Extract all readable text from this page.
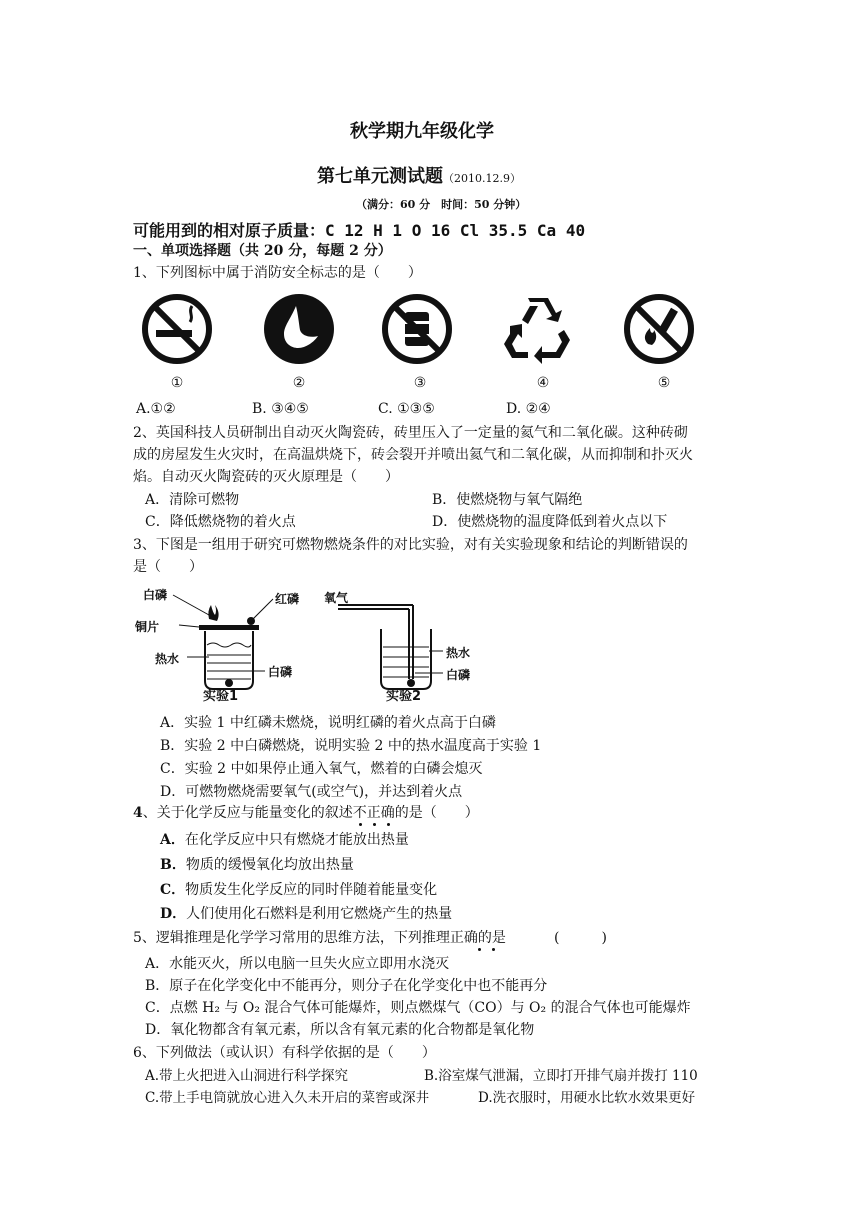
秋学期九年级化学
第七单元测试题（2010.12.9）
（满分：60 分　时间：50 分钟）
可能用到的相对原子质量：C 12 H 1 O 16 Cl 35.5 Ca 40
一、单项选择题（共 20 分，每题 2 分）
1、下列图标中属于消防安全标志的是（　　）
①	②	③	④	⑤
A.①②	B. ③④⑤	C. ①③⑤	D. ②④
2、英国科技人员研制出自动灭火陶瓷砖，砖里压入了一定量的氦气和二氧化碳。这种砖砌
成的房屋发生火灾时，在高温烘烧下，砖会裂开并喷出氦气和二氧化碳，从而抑制和扑灭火
焰。自动灭火陶瓷砖的灭火原理是（　　）
A．清除可燃物	B．使燃烧物与氧气隔绝
C．降低燃烧物的着火点	D．使燃烧物的温度降低到着火点以下
3、下图是一组用于研究可燃物燃烧条件的对比实验，对有关实验现象和结论的判断错误的
是（　　）
白磷	红磷
铜片
热水
白磷
实验1
氧气
热水
白磷
实验2
A．实验 1 中红磷未燃烧，说明红磷的着火点高于白磷
B．实验 2 中白磷燃烧，说明实验 2 中的热水温度高于实验 1
C．实验 2 中如果停止通入氧气，燃着的白磷会熄灭
D．可燃物燃烧需要氧气(或空气)，并达到着火点
4、关于化学反应与能量变化的叙述不正确的是（　　）
A．在化学反应中只有燃烧才能放出热量
B．物质的缓慢氧化均放出热量
C．物质发生化学反应的同时伴随着能量变化
D．人们使用化石燃料是利用它燃烧产生的热量
5、逻辑推理是化学学习常用的思维方法，下列推理正确的是	(　　　)
A．水能灭火，所以电脑一旦失火应立即用水浇灭
B．原子在化学变化中不能再分，则分子在化学变化中也不能再分
C．点燃 H₂ 与 O₂ 混合气体可能爆炸，则点燃煤气（CO）与 O₂ 的混合气体也可能爆炸
D．氧化物都含有氧元素，所以含有氧元素的化合物都是氧化物
6、下列做法（或认识）有科学依据的是（　　）
A.带上火把进入山洞进行科学探究	B.浴室煤气泄漏，立即打开排气扇并拨打 110
C.带上手电筒就放心进入久未开启的菜窖或深井	D.洗衣服时，用硬水比软水效果更好
